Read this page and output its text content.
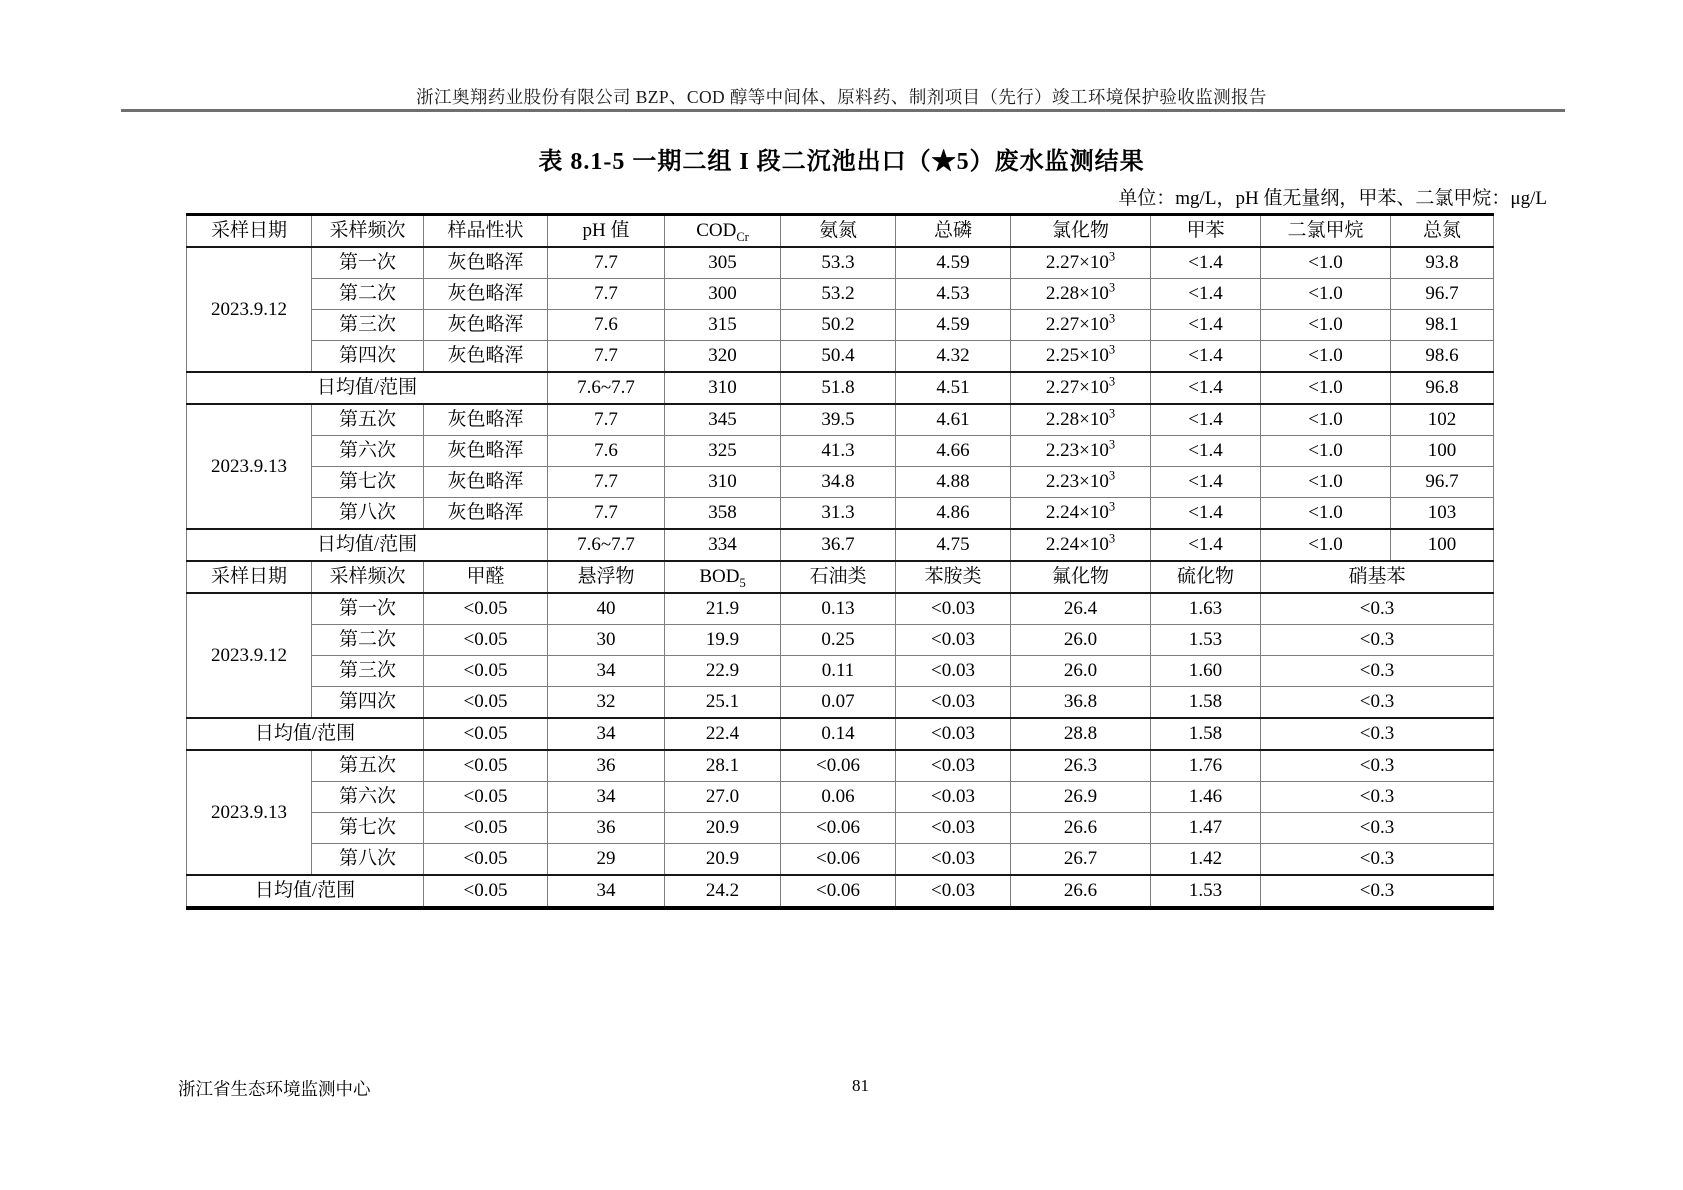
浙江奥翔药业股份有限公司 BZP、COD 醇等中间体、原料药、制剂项目（先行）竣工环境保护验收监测报告
表 8.1-5 一期二组 I 段二沉池出口（★5）废水监测结果
单位：mg/L，pH 值无量纲，甲苯、二氯甲烷：μg/L
采样日期	采样频次	样品性状	pH 值	$COD_{Cr}$	氨氮	总磷	氯化物	甲苯	二氯甲烷	总氮
2023.9.12	第一次	灰色略浑	7.7	305	53.3	4.59	$2.27\times 10^3$	<1.4	<1.0	93.8
	第二次	灰色略浑	7.7	300	53.2	4.53	$2.28\times 10^3$	<1.4	<1.0	96.7
	第三次	灰色略浑	7.6	315	50.2	4.59	$2.27\times 10^3$	<1.4	<1.0	98.1
	第四次	灰色略浑	7.7	320	50.4	4.32	$2.25\times 10^3$	<1.4	<1.0	98.6
日均值/范围			7.6~7.7	310	51.8	4.51	$2.27\times 10^3$	<1.4	<1.0	96.8
2023.9.13	第五次	灰色略浑	7.7	345	39.5	4.61	$2.28\times 10^3$	<1.4	<1.0	102
	第六次	灰色略浑	7.6	325	41.3	4.66	$2.23\times 10^3$	<1.4	<1.0	100
	第七次	灰色略浑	7.7	310	34.8	4.88	$2.23\times 10^3$	<1.4	<1.0	96.7
	第八次	灰色略浑	7.7	358	31.3	4.86	$2.24\times 10^3$	<1.4	<1.0	103
日均值/范围			7.6~7.7	334	36.7	4.75	$2.24\times 10^3$	<1.4	<1.0	100
采样日期	采样频次	甲醛	悬浮物	$BOD_5$	石油类	苯胺类	氟化物	硫化物	硝基苯	
2023.9.12	第一次	<0.05	40	21.9	0.13	<0.03	26.4	1.63	<0.3	
	第二次	<0.05	30	19.9	0.25	<0.03	26.0	1.53	<0.3	
	第三次	<0.05	34	22.9	0.11	<0.03	26.0	1.60	<0.3	
	第四次	<0.05	32	25.1	0.07	<0.03	36.8	1.58	<0.3	
日均值/范围		<0.05	34	22.4	0.14	<0.03	28.8	1.58	<0.3	
2023.9.13	第五次	<0.05	36	28.1	<0.06	<0.03	26.3	1.76	<0.3	
	第六次	<0.05	34	27.0	0.06	<0.03	26.9	1.46	<0.3	
	第七次	<0.05	36	20.9	<0.06	<0.03	26.6	1.47	<0.3	
	第八次	<0.05	29	20.9	<0.06	<0.03	26.7	1.42	<0.3	
日均值/范围		<0.05	34	24.2	<0.06	<0.03	26.6	1.53	<0.3	
浙江省生态环境监测中心	81
